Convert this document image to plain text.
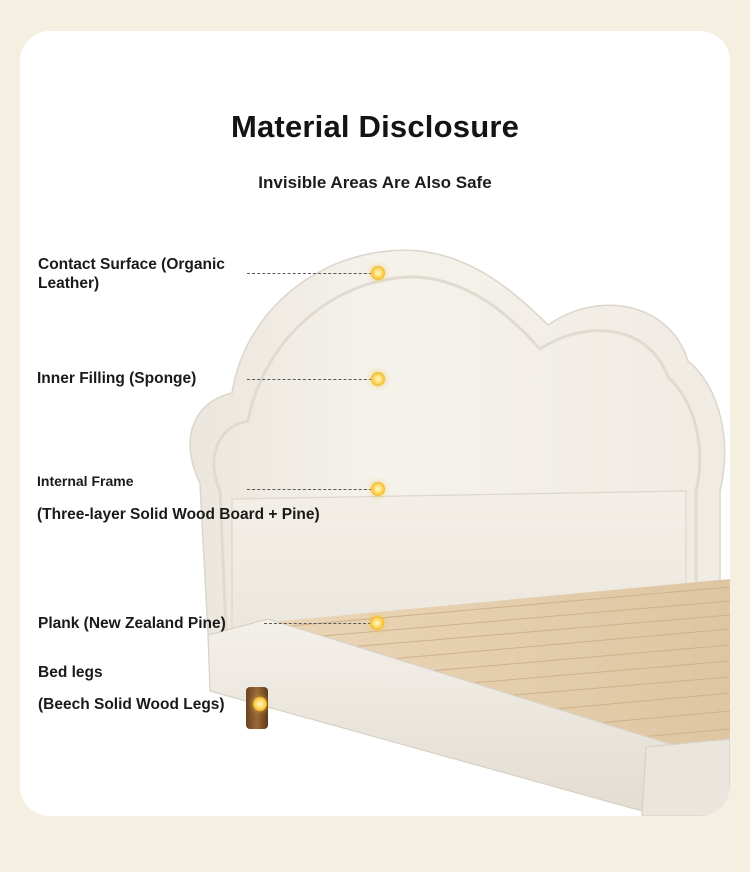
Material Disclosure
Invisible Areas Are Also Safe
Contact Surface (Organic Leather)
Inner Filling (Sponge)
Internal Frame
(Three-layer Solid Wood Board + Pine)
Plank (New Zealand Pine)
Bed legs
(Beech Solid Wood Legs)
